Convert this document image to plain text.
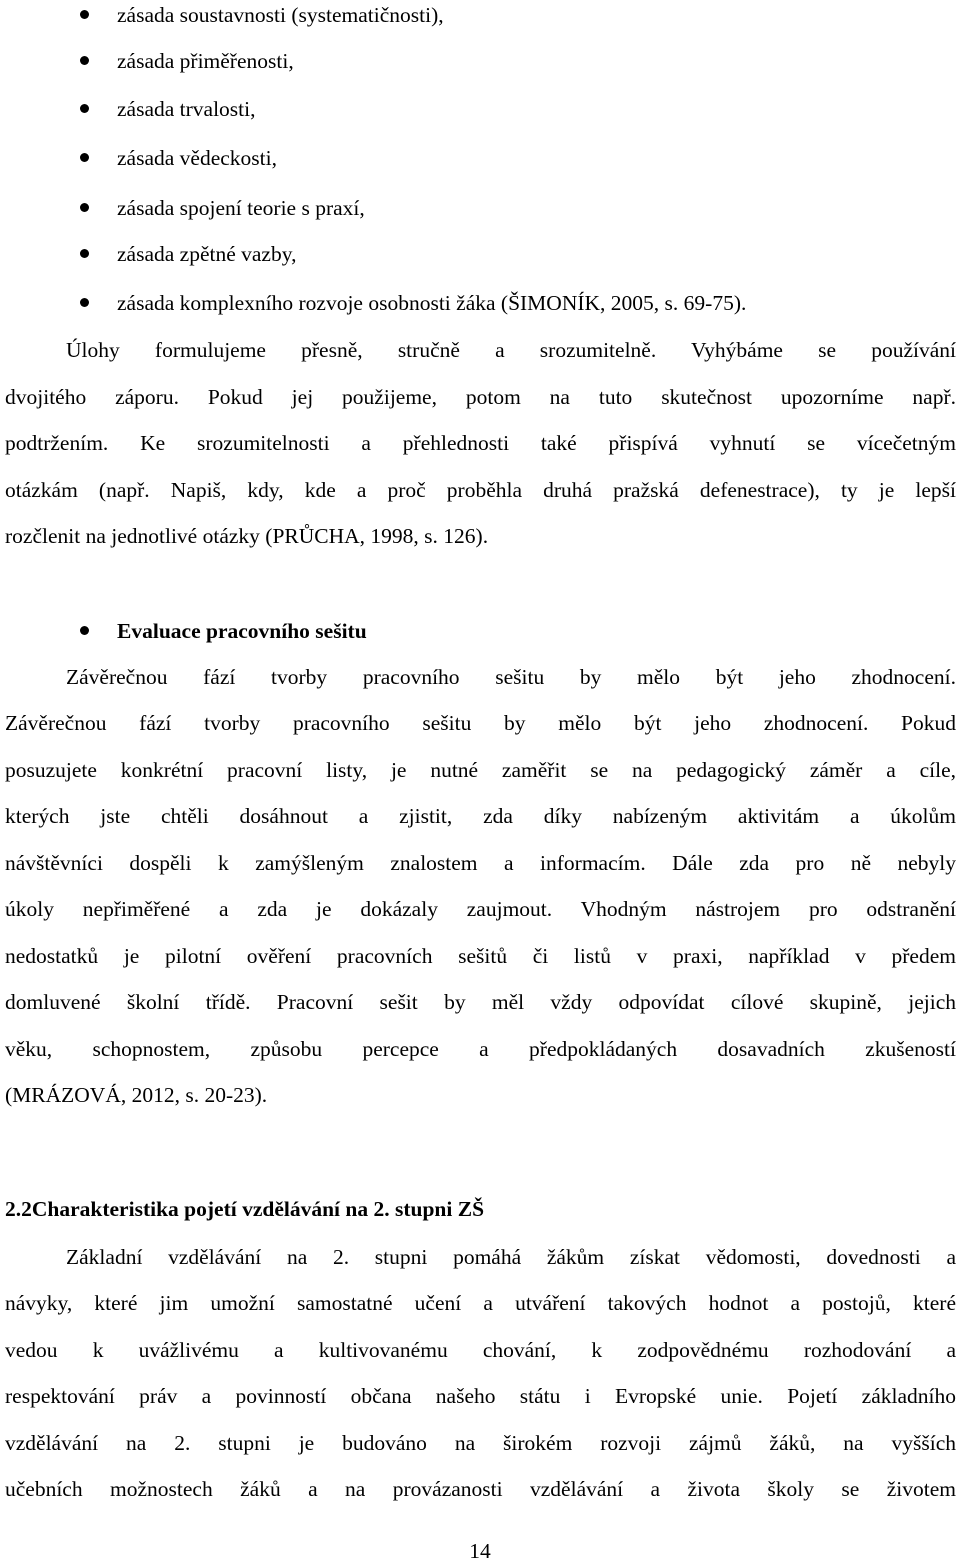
zásada soustavnosti (systematičnosti),
zásada přiměřenosti,
zásada trvalosti,
zásada vědeckosti,
zásada spojení teorie s praxí,
zásada zpětné vazby,
zásada komplexního rozvoje osobnosti žáka (ŠIMONÍK, 2005, s. 69-75).
Úlohy formulujeme přesně, stručně a srozumitelně. Vyhýbáme se používání
dvojitého záporu. Pokud jej použijeme, potom na tuto skutečnost upozorníme např.
podtržením. Ke srozumitelnosti a přehlednosti také přispívá vyhnutí se vícečetným
otázkám (např. Napiš, kdy, kde a proč proběhla druhá pražská defenestrace), ty je lepší
rozčlenit na jednotlivé otázky (PRŮCHA, 1998, s. 126).
Evaluace pracovního sešitu
Závěrečnou fází tvorby pracovního sešitu by mělo být jeho zhodnocení.
Závěrečnou fází tvorby pracovního sešitu by mělo být jeho zhodnocení. Pokud
posuzujete konkrétní pracovní listy, je nutné zaměřit se na pedagogický záměr a cíle,
kterých jste chtěli dosáhnout a zjistit, zda díky nabízeným aktivitám a úkolům
návštěvníci dospěli k zamýšleným znalostem a informacím. Dále zda pro ně nebyly
úkoly nepřiměřené a zda je dokázaly zaujmout. Vhodným nástrojem pro odstranění
nedostatků je pilotní ověření pracovních sešitů či listů v praxi, například v předem
domluvené školní třídě. Pracovní sešit by měl vždy odpovídat cílové skupině, jejich
věku, schopnostem, způsobu percepce a předpokládaných dosavadních zkušeností
(MRÁZOVÁ, 2012, s. 20-23).
2.2Charakteristika pojetí vzdělávání na 2. stupni ZŠ
Základní vzdělávání na 2. stupni pomáhá žákům získat vědomosti, dovednosti a
návyky, které jim umožní samostatné učení a utváření takových hodnot a postojů, které
vedou k uvážlivému a kultivovanému chování, k zodpovědnému rozhodování a
respektování práv a povinností občana našeho státu i Evropské unie. Pojetí základního
vzdělávání na 2. stupni je budováno na širokém rozvoji zájmů žáků, na vyšších
učebních možnostech žáků a na provázanosti vzdělávání a života školy se životem
14
